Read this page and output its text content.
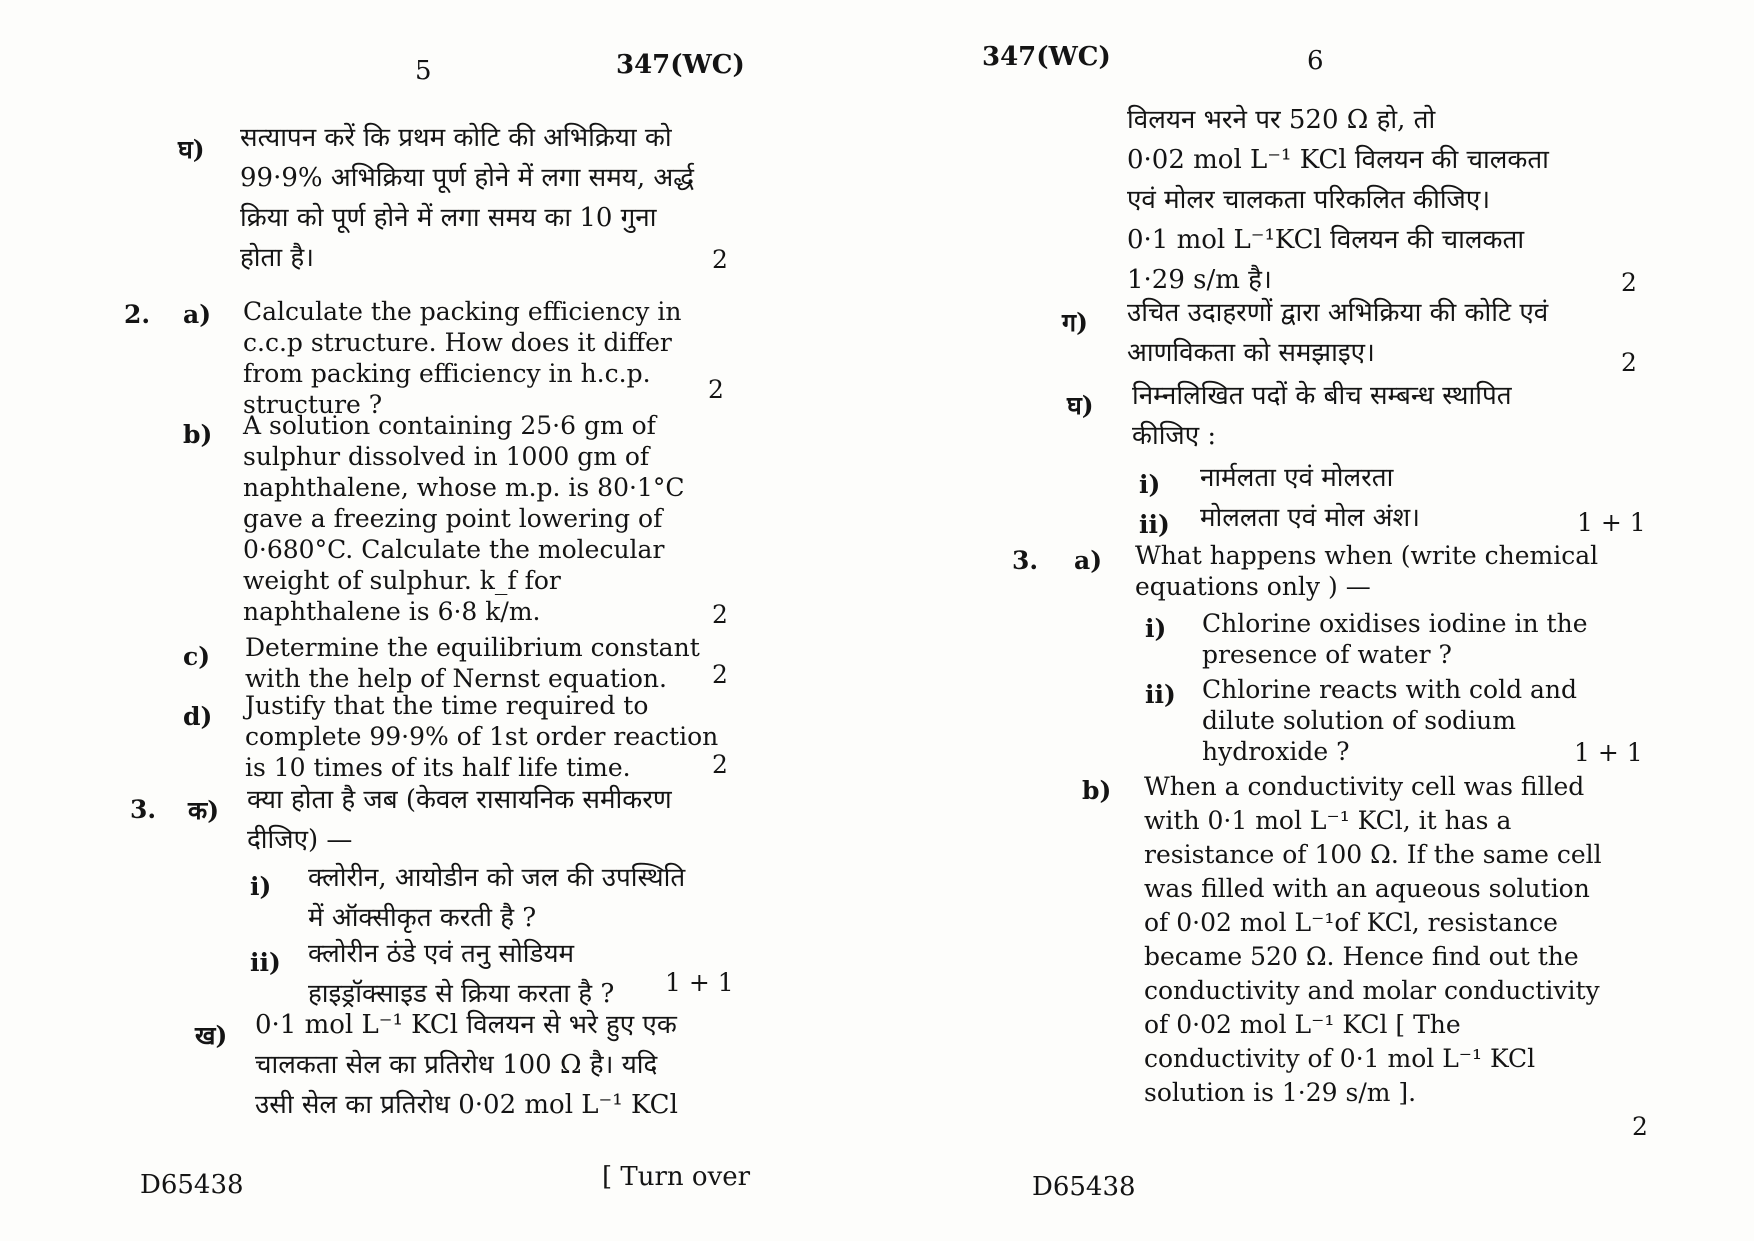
5	347(WC)
घ) सत्यापन करें कि प्रथम कोटि की अभिक्रिया को
99·9% अभिक्रिया पूर्ण होने में लगा समय, अर्द्ध
क्रिया को पूर्ण होने में लगा समय का 10 गुना
होता है।	2
2. a) Calculate the packing efficiency in
c.c.p structure. How does it differ
from packing efficiency in h.c.p.
structure ?
2
b) A solution containing 25·6 gm of
sulphur dissolved in 1000 gm of
naphthalene, whose m.p. is 80·1°C
gave a freezing point lowering of
0·680°C. Calculate the molecular
weight of sulphur. k_f for
naphthalene is 6·8 k/m.	2
c) Determine the equilibrium constant
with the help of Nernst equation.	2
d) Justify that the time required to
complete 99·9% of 1st order reaction
is 10 times of its half life time.	2
3. क) क्या होता है जब (केवल रासायनिक समीकरण
दीजिए) —
i) क्लोरीन, आयोडीन को जल की उपस्थिति
में ऑक्सीकृत करती है ?
ii) क्लोरीन ठंडे एवं तनु सोडियम
हाइड्रॉक्साइड से क्रिया करता है ?	1 + 1
ख) 0·1 mol L⁻¹ KCl विलयन से भरे हुए एक
चालकता सेल का प्रतिरोध 100 Ω है। यदि
उसी सेल का प्रतिरोध 0·02 mol L⁻¹ KCl
D65438	[ Turn over
347(WC)	6
विलयन भरने पर 520 Ω हो, तो
0·02 mol L⁻¹ KCl विलयन की चालकता
एवं मोलर चालकता परिकलित कीजिए।
0·1 mol L⁻¹KCl विलयन की चालकता
1·29 s/m है।	2
ग) उचित उदाहरणों द्वारा अभिक्रिया की कोटि एवं
आणविकता को समझाइए।	2
घ) निम्नलिखित पदों के बीच सम्बन्ध स्थापित
कीजिए :
i) नार्मलता एवं मोलरता
ii) मोललता एवं मोल अंश।	1 + 1
3. a) What happens when (write chemical
equations only ) —
i) Chlorine oxidises iodine in the
presence of water ?
ii) Chlorine reacts with cold and
dilute solution of sodium
hydroxide ?	1 + 1
b) When a conductivity cell was filled
with 0·1 mol L⁻¹ KCl, it has a
resistance of 100 Ω. If the same cell
was filled with an aqueous solution
of 0·02 mol L⁻¹of KCl, resistance
became 520 Ω. Hence find out the
conductivity and molar conductivity
of 0·02 mol L⁻¹ KCl [ The
conductivity of 0·1 mol L⁻¹ KCl
solution is 1·29 s/m ].
2
D65438
